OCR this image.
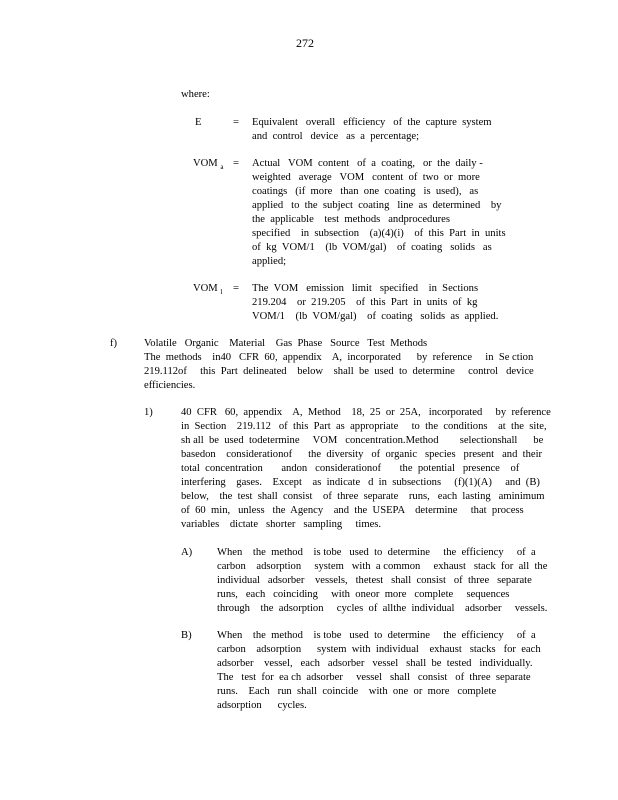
272
where:
E	= Equivalent   overall   efficiency   of  the  capture  system
and  control   device   as  a  percentage;
VOM $_a$ = Actual   VOM  content   of  a  coating,   or  the  daily -
weighted   average   VOM   content  of  two  or  more
coatings   (if  more   than  one  coating   is  used),   as
applied   to  the  subject  coating   line  as  determined    by
the  applicable    test  methods   andprocedures
specified    in  subsection    (a)(4)(i)    of  this  Part  in  units
of  kg  VOM/1    (lb  VOM/gal)    of  coating   solids   as
applied;
VOM $_l$ = The  VOM   emission   limit   specified    in  Sections
219.204    or  219.205    of  this  Part  in  units  of  kg
VOM/1    (lb  VOM/gal)    of  coating   solids  as  applied.
f)	Volatile   Organic    Material    Gas  Phase   Source   Test  Methods
The  methods    in40   CFR  60,  appendix    A,  incorporated      by  reference     in  Se ction
219.112of     this  Part  delineated    below    shall  be  used  to  determine     control   device
efficiencies.
1)	40  CFR   60,  appendix    A,  Method    18,  25  or  25A,   incorporated     by  reference
in  Section    219.112   of  this  Part  as  appropriate     to  the  conditions    at  the  site,
sh all  be  used  todetermine     VOM   concentration.Method        selectionshall      be
basedon    considerationof      the  diversity   of  organic   species   present   and  their
total  concentration       andon   considerationof       the  potential   presence    of
interfering    gases.    Except    as  indicate   d  in  subsections     (f)(1)(A)     and  (B)
below,    the  test  shall  consist    of  three  separate    runs,   each  lasting   aminimum
of  60  min,   unless   the  Agency    and  the  USEPA    determine     that  process
variables    dictate   shorter   sampling     times.
A) When    the  method    is tobe   used  to  determine     the  efficiency     of  a
carbon    adsorption     system   with  a common     exhaust   stack  for  all  the
individual   adsorber    vessels,   thetest   shall  consist   of  three   separate
runs,   each   coinciding     with  oneor  more   complete     sequences
through    the  adsorption     cycles  of  allthe  individual    adsorber     vessels.
B) When    the  method    is tobe   used  to  determine     the  efficiency     of  a
carbon    adsorption      system  with  individual    exhaust   stacks   for  each
adsorber    vessel,   each   adsorber   vessel   shall  be  tested   individually.
The   test  for  ea ch  adsorber     vessel   shall   consist   of  three  separate
runs.    Each   run  shall  coincide    with  one  or  more   complete
adsorption      cycles.
